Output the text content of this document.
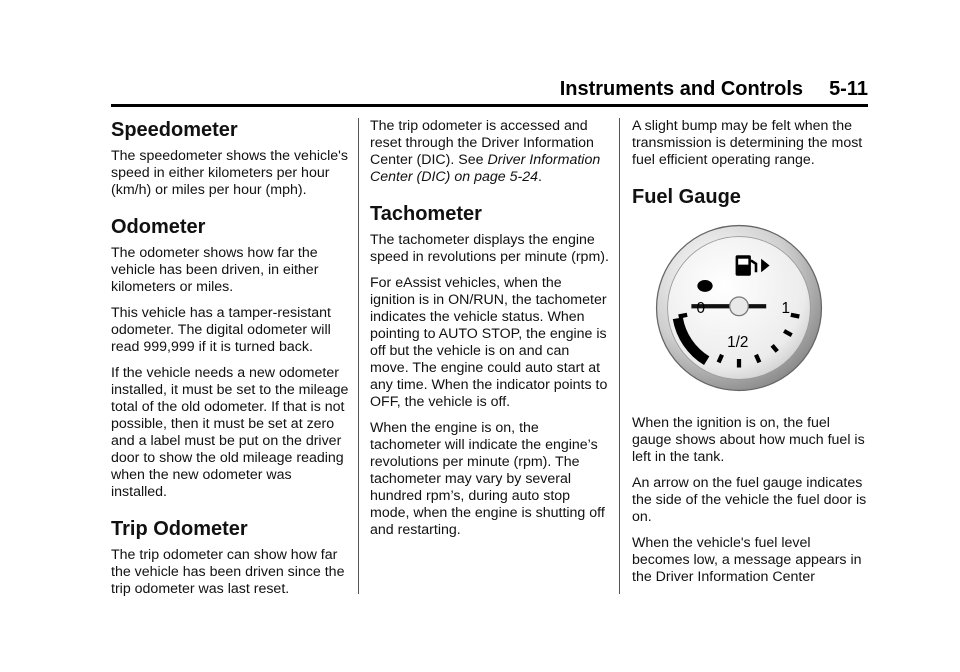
Instruments and Controls 5-11
Speedometer

The speedometer shows the vehicle's speed in either kilometers per hour (km/h) or miles per hour (mph).

Odometer

The odometer shows how far the vehicle has been driven, in either kilometers or miles.

This vehicle has a tamper-resistant odometer. The digital odometer will read 999,999 if it is turned back.

If the vehicle needs a new odometer installed, it must be set to the mileage total of the old odometer. If that is not possible, then it must be set at zero and a label must be put on the driver door to show the old mileage reading when the new odometer was installed.

Trip Odometer

The trip odometer can show how far the vehicle has been driven since the trip odometer was last reset.

The trip odometer is accessed and reset through the Driver Information Center (DIC). See Driver Information Center (DIC) on page 5-24.

Tachometer

The tachometer displays the engine speed in revolutions per minute (rpm).

For eAssist vehicles, when the ignition is in ON/RUN, the tachometer indicates the vehicle status. When pointing to AUTO STOP, the engine is off but the vehicle is on and can move. The engine could auto start at any time. When the indicator points to OFF, the vehicle is off.

When the engine is on, the tachometer will indicate the engine’s revolutions per minute (rpm). The tachometer may vary by several hundred rpm’s, during auto stop mode, when the engine is shutting off and restarting.

A slight bump may be felt when the transmission is determining the most fuel efficient operating range.

Fuel Gauge
0	1
1/2

When the ignition is on, the fuel gauge shows about how much fuel is left in the tank.

An arrow on the fuel gauge indicates the side of the vehicle the fuel door is on.

When the vehicle's fuel level becomes low, a message appears in the Driver Information Center
